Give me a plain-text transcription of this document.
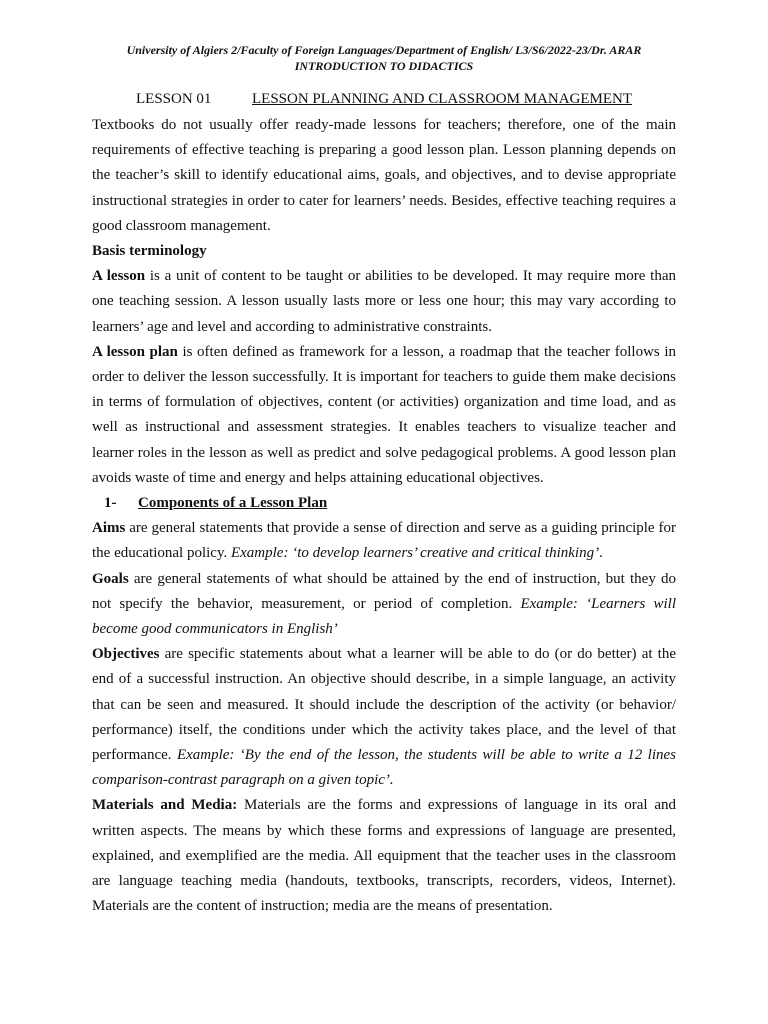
University of Algiers 2/Faculty of Foreign Languages/Department of English/ L3/S6/2022-23/Dr. ARAR
INTRODUCTION TO DIDACTICS
LESSON 01	LESSON PLANNING AND CLASSROOM MANAGEMENT

Textbooks do not usually offer ready-made lessons for teachers; therefore, one of the main requirements of effective teaching is preparing a good lesson plan. Lesson planning depends on the teacher’s skill to identify educational aims, goals, and objectives, and to devise appropriate instructional strategies in order to cater for learners’ needs. Besides, effective teaching requires a good classroom management.

Basis terminology

A lesson is a unit of content to be taught or abilities to be developed. It may require more than one teaching session. A lesson usually lasts more or less one hour; this may vary according to learners’ age and level and according to administrative constraints.

A lesson plan is often defined as framework for a lesson, a roadmap that the teacher follows in order to deliver the lesson successfully. It is important for teachers to guide them make decisions in terms of formulation of objectives, content (or activities) organization and time load, and as well as instructional and assessment strategies. It enables teachers to visualize teacher and learner roles in the lesson as well as predict and solve pedagogical problems. A good lesson plan avoids waste of time and energy and helps attaining educational objectives.

1- Components of a Lesson Plan

Aims are general statements that provide a sense of direction and serve as a guiding principle for the educational policy. Example: ‘to develop learners’ creative and critical thinking’.

Goals are general statements of what should be attained by the end of instruction, but they do not specify the behavior, measurement, or period of completion. Example: ‘Learners will become good communicators in English’

Objectives are specific statements about what a learner will be able to do (or do better) at the end of a successful instruction. An objective should describe, in a simple language, an activity that can be seen and measured. It should include the description of the activity (or behavior/ performance) itself, the conditions under which the activity takes place, and the level of that performance. Example: ‘By the end of the lesson, the students will be able to write a 12 lines comparison-contrast paragraph on a given topic’.

Materials and Media: Materials are the forms and expressions of language in its oral and written aspects. The means by which these forms and expressions of language are presented, explained, and exemplified are the media. All equipment that the teacher uses in the classroom are language teaching media (handouts, textbooks, transcripts, recorders, videos, Internet). Materials are the content of instruction; media are the means of presentation.
